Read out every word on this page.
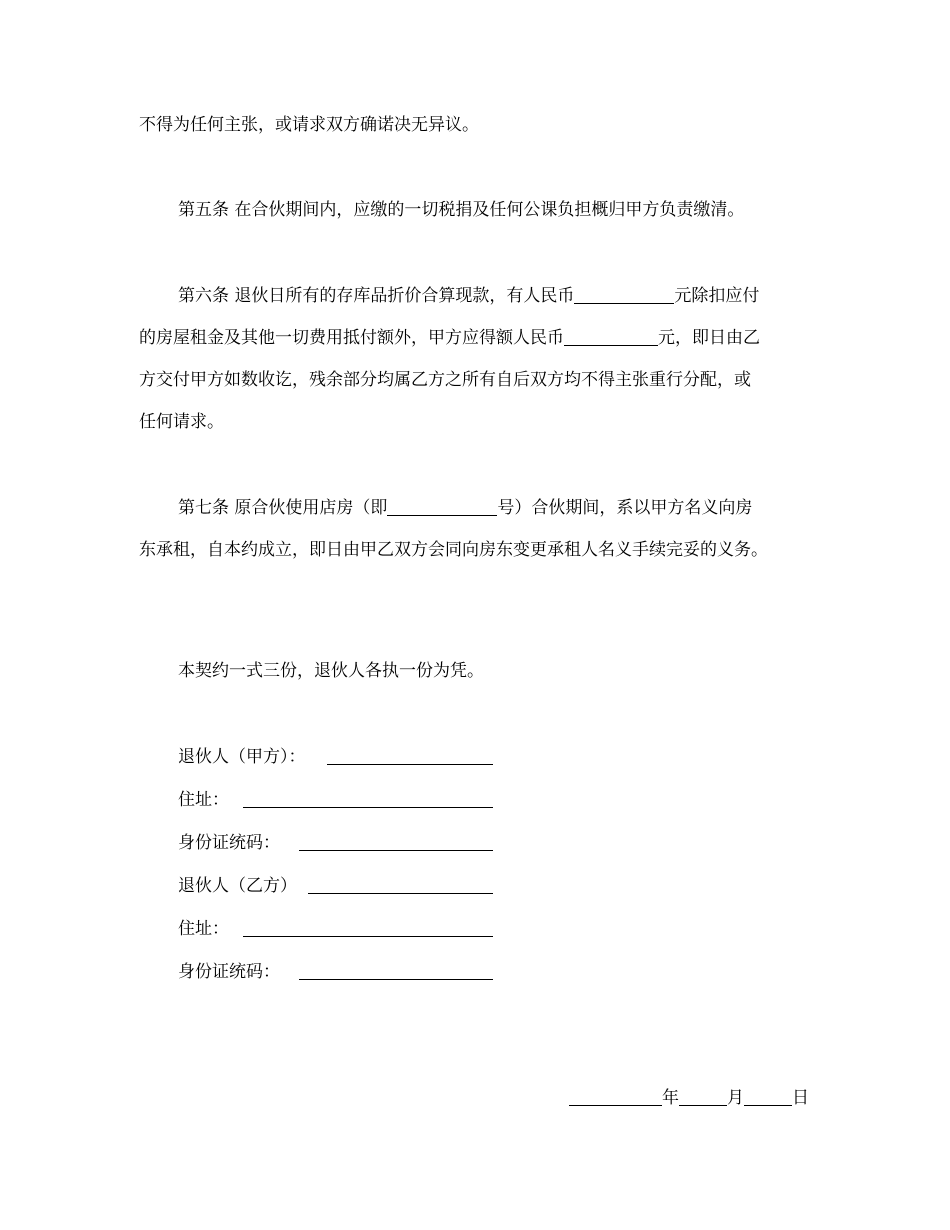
不得为任何主张，或请求双方确诺决无异议。
第五条 在合伙期间内，应缴的一切税捐及任何公课负担概归甲方负责缴清。
第六条 退伙日所有的存库品折价合算现款，有人民币	元除扣应付
的房屋租金及其他一切费用抵付额外，甲方应得额人民币	元，即日由乙
方交付甲方如数收讫，残余部分均属乙方之所有自后双方均不得主张重行分配，或
任何请求。
第七条 原合伙使用店房（即	号）合伙期间，系以甲方名义向房
东承租，自本约成立，即日由甲乙双方会同向房东变更承租人名义手续完妥的义务。
本契约一式三份，退伙人各执一份为凭。
退伙人（甲方）：
住址：
身份证统码：
退伙人（乙方）
住址：
身份证统码：
年	月	日
